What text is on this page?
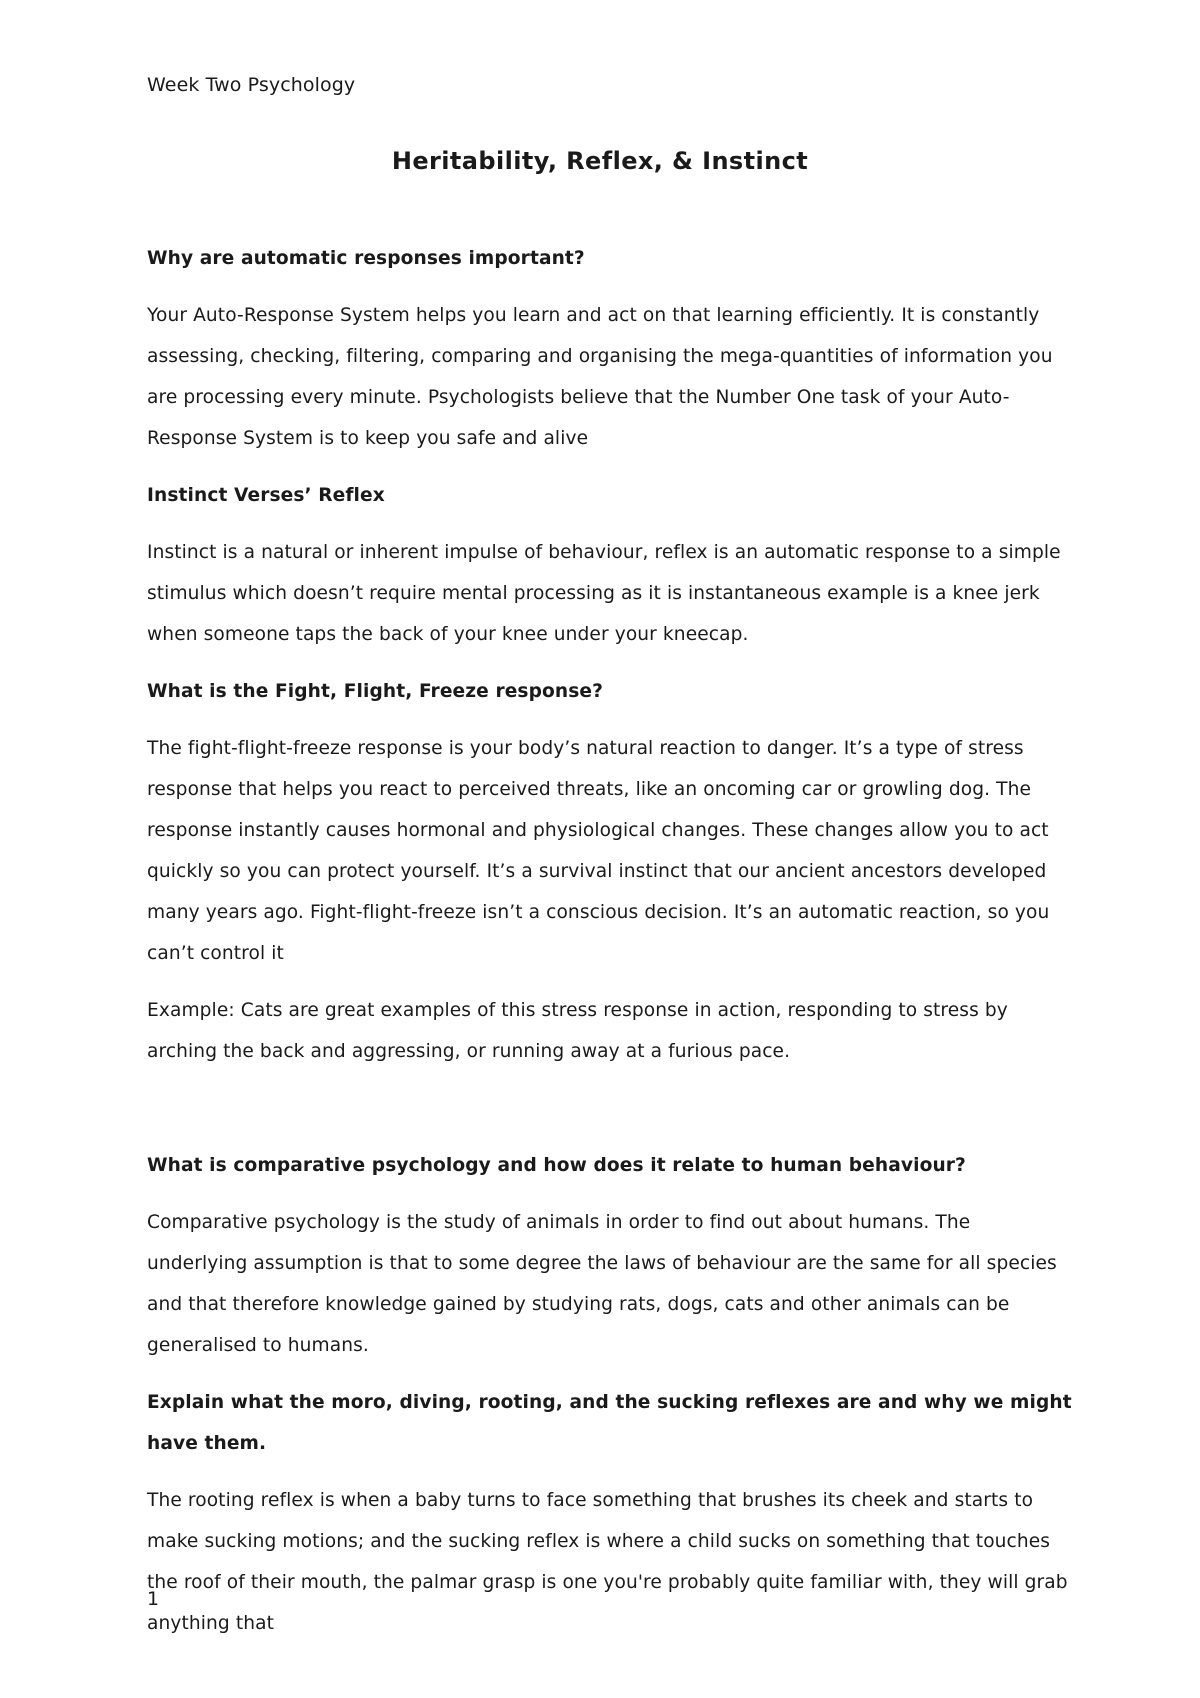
Week Two Psychology
Heritability, Reflex, & Instinct
Why are automatic responses important?

Your Auto-Response System helps you learn and act on that learning efficiently. It is constantly assessing, checking, filtering, comparing and organising the mega-quantities of information you are processing every minute. Psychologists believe that the Number One task of your Auto-Response System is to keep you safe and alive

Instinct Verses’ Reflex

Instinct is a natural or inherent impulse of behaviour, reflex is an automatic response to a simple stimulus which doesn’t require mental processing as it is instantaneous example is a knee jerk when someone taps the back of your knee under your kneecap.

What is the Fight, Flight, Freeze response?

The fight-flight-freeze response is your body’s natural reaction to danger. It’s a type of stress response that helps you react to perceived threats, like an oncoming car or growling dog. The response instantly causes hormonal and physiological changes. These changes allow you to act quickly so you can protect yourself. It’s a survival instinct that our ancient ancestors developed many years ago. Fight-flight-freeze isn’t a conscious decision. It’s an automatic reaction, so you can’t control it

Example: Cats are great examples of this stress response in action, responding to stress by arching the back and aggressing, or running away at a furious pace.

What is comparative psychology and how does it relate to human behaviour?

Comparative psychology is the study of animals in order to find out about humans. The underlying assumption is that to some degree the laws of behaviour are the same for all species and that therefore knowledge gained by studying rats, dogs, cats and other animals can be generalised to humans.

Explain what the moro, diving, rooting, and the sucking reflexes are and why we might have them.

The rooting reflex is when a baby turns to face something that brushes its cheek and starts to make sucking motions; and the sucking reflex is where a child sucks on something that touches the roof of their mouth, the palmar grasp is one you're probably quite familiar with, they will grab anything that

1
